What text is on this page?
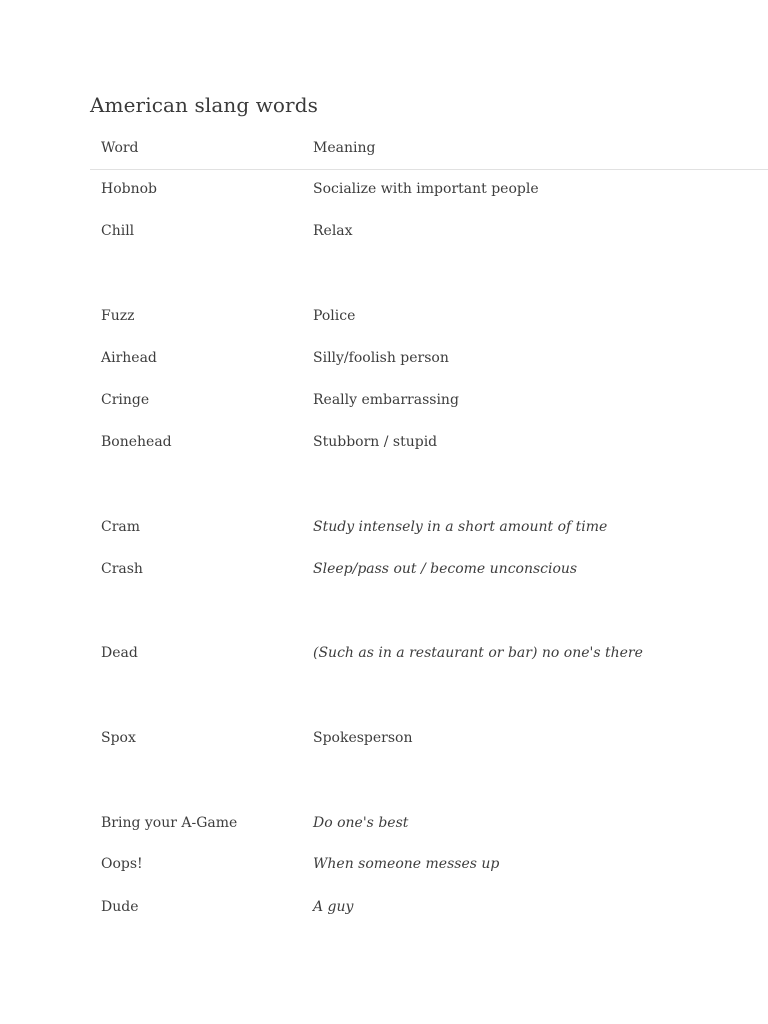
American slang words
Word	Meaning
Hobnob	Socialize with important people
Chill	Relax
Fuzz	Police
Airhead	Silly/foolish person
Cringe	Really embarrassing
Bonehead	Stubborn / stupid
Cram	Study intensely in a short amount of time
Crash	Sleep/pass out / become unconscious
Dead	(Such as in a restaurant or bar) no one's there
Spox	Spokesperson
Bring your A-Game	Do one's best
Oops!	When someone messes up
Dude	A guy
